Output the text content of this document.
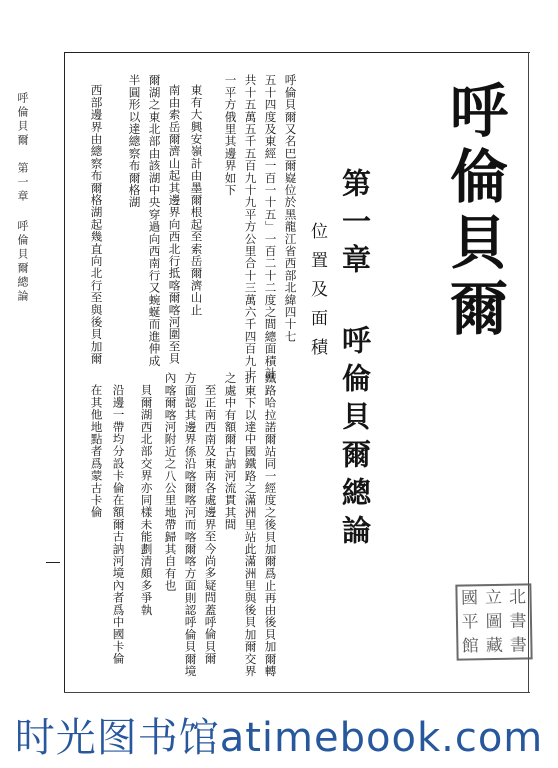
呼倫貝爾　第一章 呼倫貝爾總論	呼倫貝爾
第一章 呼倫貝爾總論
位置及面積
呼倫貝爾又名巴爾嶷位於黑龍江省西部北緯四十七
五十四度及東經一百一十五」一百二十二度之間總面積計
共十五萬五千五百九十九平方公里合十三萬六千四百九十
一平方俄里其邊界如下
東有大興安嶺計由墨爾根起至索岳爾濟山止
南由索岳爾濟山起其邊界向西北行抵喀爾喀河圍至貝
爾湖之東北部由該湖中央穿過向西南行又蜿蜒而進伸成
半圓形以達總察布爾格湖
西部邊界由總察布爾格湖起幾直向北行至與後貝加爾
鐵路哈拉諾爾站同一經度之後貝加爾爲止再由後貝加爾轉
折東下以達中國鐵路之滿洲里站此滿洲里與後貝加爾交界
之處中有額爾古訥河流貫其間
至正南西南及東南各處邊界至今尚多疑問蓋呼倫貝爾
方面認其邊界係沿喀爾喀河而喀爾喀方面則認呼倫貝爾境
內喀爾喀河附近之八公里地帶歸其自有也
貝爾湖西北部交界亦同樣未能劃清頗多爭執
沿邊一帶均分設卡倫在額爾古訥河境內者爲中國卡倫
在其他地點者爲蒙古卡倫
國 立 北
平 圖 書
館 藏 書
时光图书馆atimebook.com
